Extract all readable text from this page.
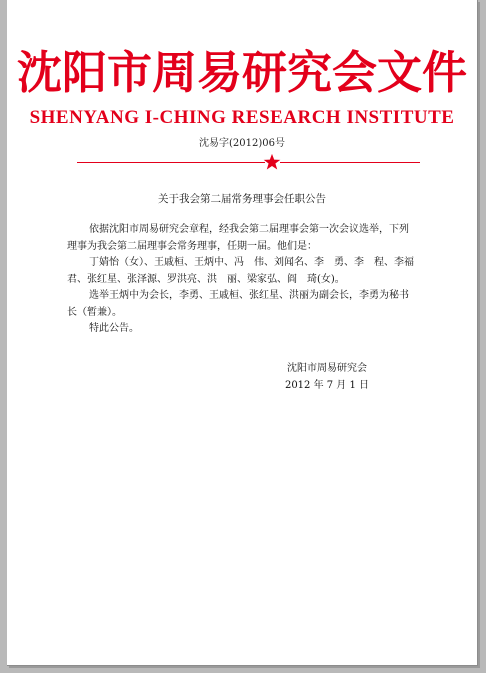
沈阳市周易研究会文件
SHENYANG I-CHING RESEARCH INSTITUTE
沈易字(2012)06号
关于我会第二届常务理事会任职公告

依据沈阳市周易研究会章程，经我会第二届理事会第一次会议选举，下列理事为我会第二届理事会常务理事，任期一届。他们是：

丁婧怡（女）、王戚桓、王炳中、冯　伟、刘闻名、李　勇、李　程、李福君、张红星、张泽源、罗洪亮、洪　丽、梁家弘、阎　琦(女)。

选举王炳中为会长，李勇、王戚桓、张红星、洪丽为副会长，李勇为秘书长（暂兼）。

特此公告。

沈阳市周易研究会
2012 年 7 月 1 日
